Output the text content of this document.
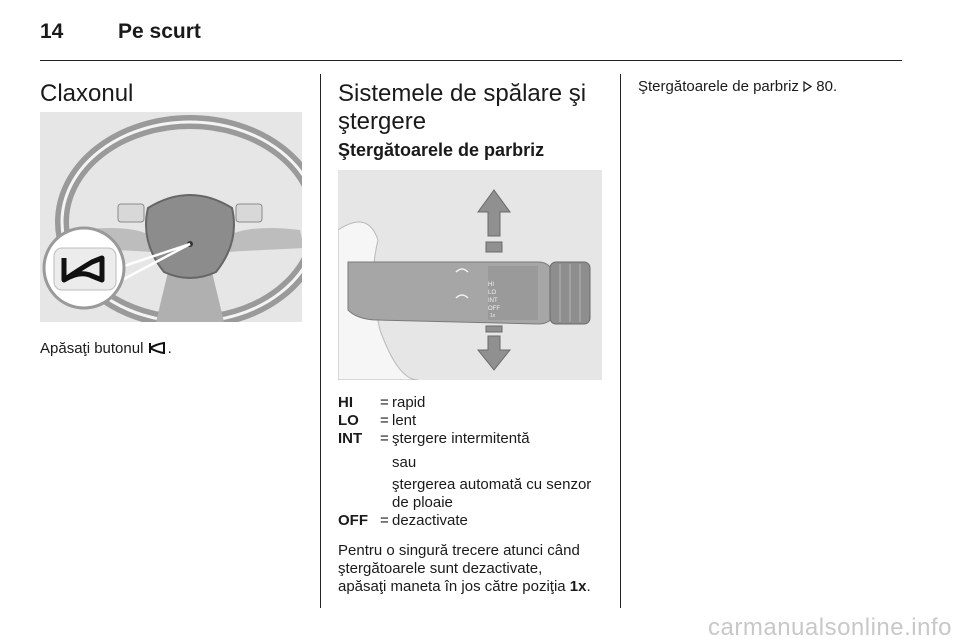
14	Pe scurt
Claxonul
Apăsaţi butonul .
Sistemele de spălare şi ştergere
Ştergătoarele de parbriz
HI
LO
INT
OFF
1x
HI = rapid
LO = lent
INT = ştergere intermitentă
sau
ştergerea automată cu senzor de ploaie
OFF = dezactivate
Pentru o singură trecere atunci când
ştergătoarele sunt dezactivate,
apăsaţi maneta în jos către poziţia 1x.
Ştergătoarele de parbriz  80.
carmanualsonline.info
